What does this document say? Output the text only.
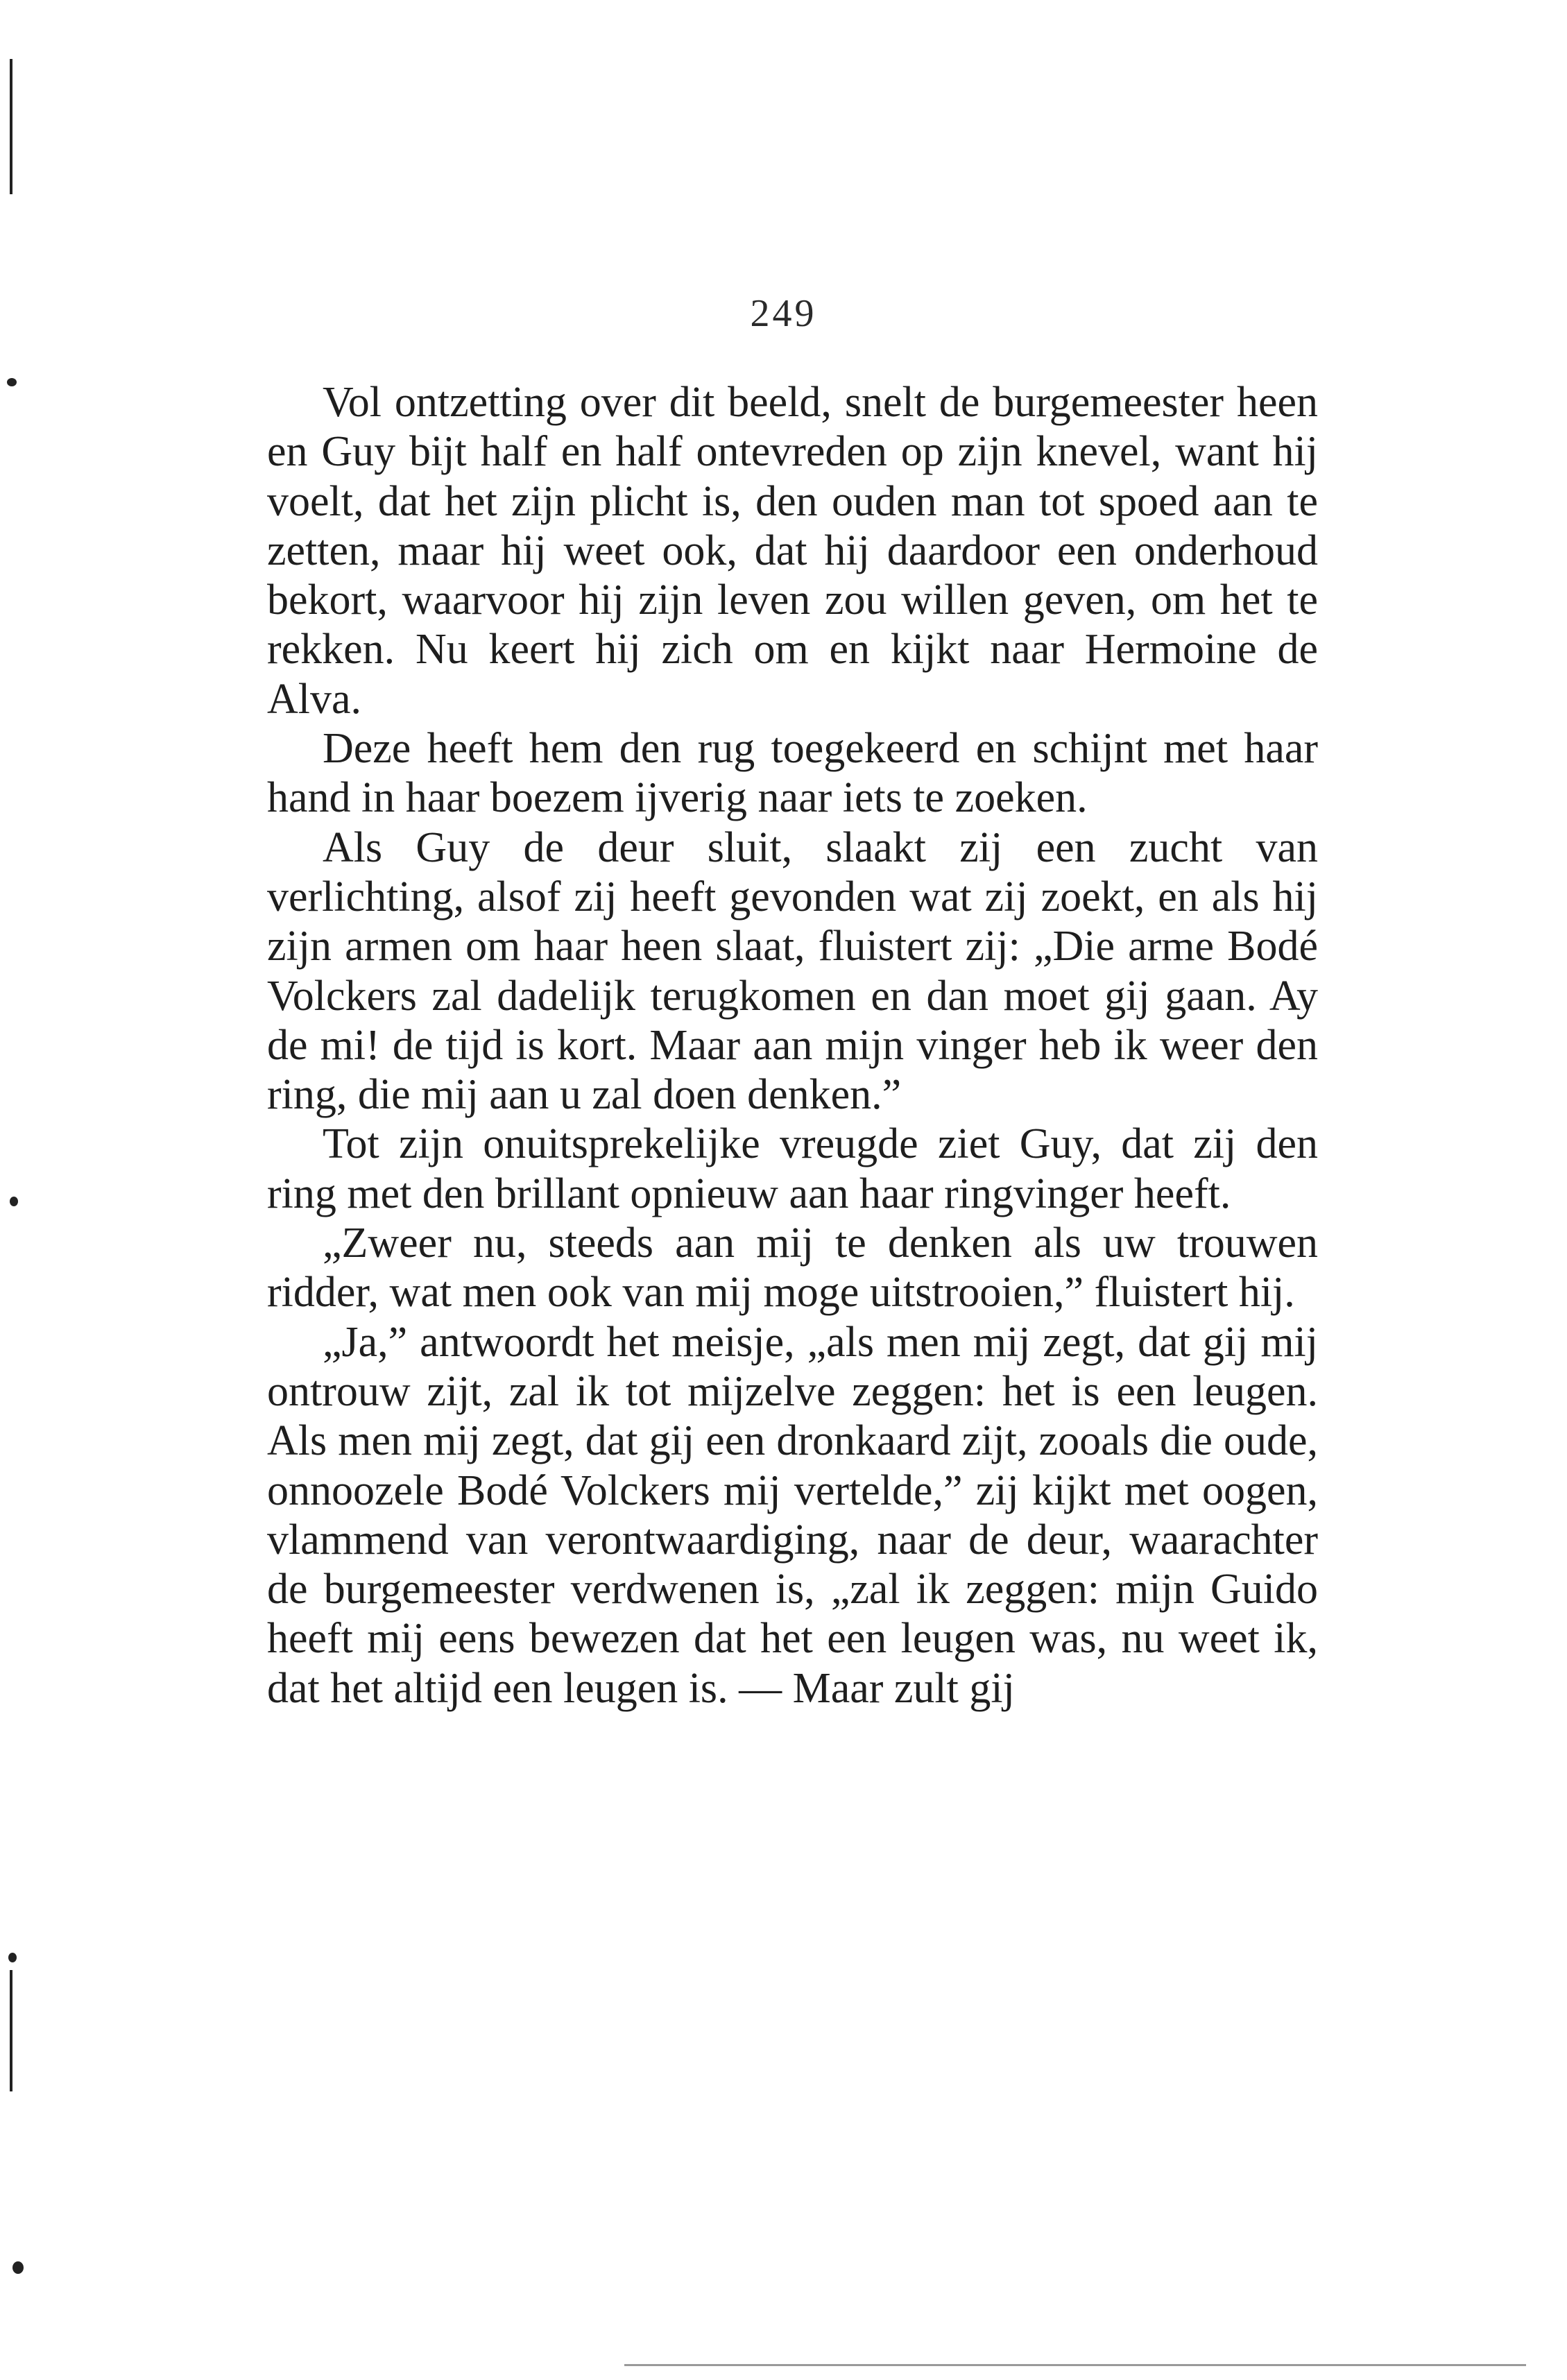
249

Vol ontzetting over dit beeld, snelt de burgemeester heen en Guy bijt half en half ontevreden op zijn knevel, want hij voelt, dat het zijn plicht is, den ouden man tot spoed aan te zetten, maar hij weet ook, dat hij daardoor een onderhoud bekort, waarvoor hij zijn leven zou willen geven, om het te rekken. Nu keert hij zich om en kijkt naar Hermoine de Alva.

Deze heeft hem den rug toegekeerd en schijnt met haar hand in haar boezem ijverig naar iets te zoeken.

Als Guy de deur sluit, slaakt zij een zucht van verlichting, alsof zij heeft gevonden wat zij zoekt, en als hij zijn armen om haar heen slaat, fluistert zij: „Die arme Bodé Volckers zal dadelijk terugkomen en dan moet gij gaan. Ay de mi! de tijd is kort. Maar aan mijn vinger heb ik weer den ring, die mij aan u zal doen denken.”

Tot zijn onuitsprekelijke vreugde ziet Guy, dat zij den ring met den brillant opnieuw aan haar ringvinger heeft.

„Zweer nu, steeds aan mij te denken als uw trouwen ridder, wat men ook van mij moge uitstrooien,” fluistert hij.

„Ja,” antwoordt het meisje, „als men mij zegt, dat gij mij ontrouw zijt, zal ik tot mijzelve zeggen: het is een leugen. Als men mij zegt, dat gij een dronkaard zijt, zooals die oude, onnoozele Bodé Volckers mij vertelde,” zij kijkt met oogen, vlammend van verontwaardiging, naar de deur, waarachter de burgemeester verdwenen is, „zal ik zeggen: mijn Guido heeft mij eens bewezen dat het een leugen was, nu weet ik, dat het altijd een leugen is. — Maar zult gij
